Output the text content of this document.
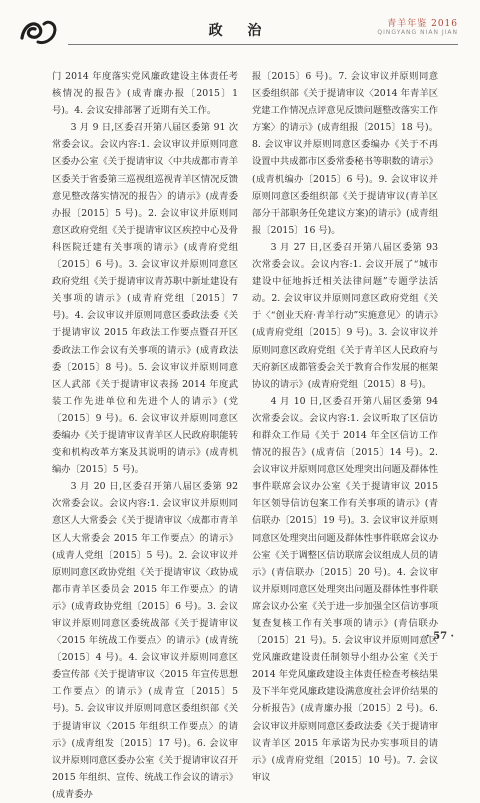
政 治	青羊年鉴 2016
QINGYANG NIAN JIAN

门 2014 年度落实党风廉政建设主体责任考核情况的报告》(成青廉办报〔2015〕1 号)。4. 会议安排部署了近期有关工作。

3 月 9 日,区委召开第八届区委第 91 次常委会议。会议内容:1. 会议审议并原则同意区委办公室《关于提请审议〈中共成都市青羊区委关于省委第三巡视组巡视青羊区情况反馈意见整改落实情况的报告〉的请示》(成青委办报〔2015〕5 号)。2. 会议审议并原则同意区政府党组《关于提请审议区疾控中心及骨科医院迁建有关事项的请示》(成青府党组〔2015〕6 号)。3. 会议审议并原则同意区政府党组《关于提请审议青苏职中新址建设有关事项的请示》(成青府党组〔2015〕7 号)。4. 会议审议并原则同意区委政法委《关于提请审议 2015 年政法工作要点暨召开区委政法工作会议有关事项的请示》(成青政法委〔2015〕8 号)。5. 会议审议并原则同意区人武部《关于提请审议表扬 2014 年度武装工作先进单位和先进个人的请示》(党〔2015〕9 号)。6. 会议审议并原则同意区委编办《关于提请审议青羊区人民政府职能转变和机构改革方案及其说明的请示》(成青机编办〔2015〕5 号)。

3 月 20 日,区委召开第八届区委第 92 次常委会议。会议内容:1. 会议审议并原则同意区人大常委会《关于提请审议〈成都市青羊区人大常委会 2015 年工作要点〉的请示》(成青人党组〔2015〕5 号)。2. 会议审议并原则同意区政协党组《关于提请审议〈政协成都市青羊区委员会 2015 年工作要点〉的请示》(成青政协党组〔2015〕6 号)。3. 会议审议并原则同意区委统战部《关于提请审议〈2015 年统战工作要点〉的请示》(成青统〔2015〕4 号)。4. 会议审议并原则同意区委宣传部《关于提请审议〈2015 年宣传思想工作要点〉的请示》(成青宣〔2015〕5 号)。5. 会议审议并原则同意区委组织部《关于提请审议〈2015 年组织工作要点〉的请示》(成青组发〔2015〕17 号)。6. 会议审议并原则同意区委办公室《关于提请审议召开 2015 年组织、宣传、统战工作会议的请示》(成青委办

报〔2015〕6 号)。7. 会议审议并原则同意区委组织部《关于提请审议〈2014 年青羊区党建工作情况点评意见反馈问题整改落实工作方案〉的请示》(成青组报〔2015〕18 号)。8. 会议审议并原则同意区委编办《关于不再设置中共成都市区委常委秘书等职数的请示》(成青机编办〔2015〕6 号)。9. 会议审议并原则同意区委组织部《关于提请审议(青羊区部分干部职务任免建议方案)的请示》(成青组报〔2015〕16 号)。

3 月 27 日,区委召开第八届区委第 93 次常委会议。会议内容:1. 会议开展了“城市建设中征地拆迁相关法律问题”专题学法活动。2. 会议审议并原则同意区政府党组《关于〈“创业天府·青羊行动”实施意见〉的请示》(成青府党组〔2015〕9 号)。3. 会议审议并原则同意区政府党组《关于青羊区人民政府与天府新区成都管委会关于教育合作发展的框架协议的请示》(成青府党组〔2015〕8 号)。

4 月 10 日,区委召开第八届区委第 94 次常委会议。会议内容:1. 会议听取了区信访和群众工作局《关于 2014 年全区信访工作情况的报告》(成青信〔2015〕14 号)。2. 会议审议并原则同意区处理突出问题及群体性事件联席会议办公室《关于提请审议 2015 年区领导信访包案工作有关事项的请示》(青信联办〔2015〕19 号)。3. 会议审议并原则同意区处理突出问题及群体性事件联席会议办公室《关于调整区信访联席会议组成人员的请示》(青信联办〔2015〕20 号)。4. 会议审议并原则同意区处理突出问题及群体性事件联席会议办公室《关于进一步加强全区信访事项复查复核工作有关事项的请示》(青信联办〔2015〕21 号)。5. 会议审议并原则同意区党风廉政建设责任制领导小组办公室《关于 2014 年党风廉政建设主体责任检查考核结果及下半年党风廉政建设满意度社会评价结果的分析报告》(成青廉办报〔2015〕2 号)。6. 会议审议并原则同意区委政法委《关于提请审议青羊区 2015 年承诺为民办实事项目的请示》(成青府党组〔2015〕10 号)。7. 会议审议

· 57 ·
